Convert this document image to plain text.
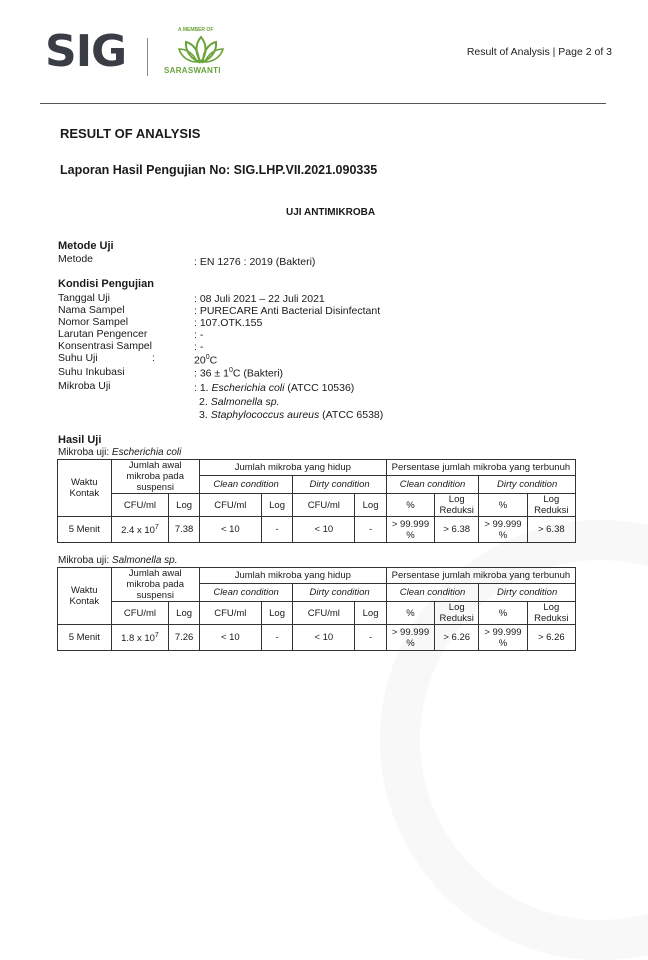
SIG	A MEMBER OF
SARASWANTI
Result of Analysis | Page 2 of 3
RESULT OF ANALYSIS
Laporan Hasil Pengujian No: SIG.LHP.VII.2021.090335
UJI ANTIMIKROBA
Metode Uji
Metode	: EN 1276 : 2019 (Bakteri)
Kondisi Pengujian
Tanggal Uji	: 08 Juli 2021 – 22 Juli 2021
Nama Sampel	: PURECARE Anti Bacterial Disinfectant
Nomor Sampel	: 107.OTK.155
Larutan Pengencer	: -
Konsentrasi Sampel	: -
Suhu Uji	:	$20^0C$
Suhu Inkubasi	: $36 \pm 1^0C$ (Bakteri)
Mikroba Uji	: 1. Escherichia coli (ATCC 10536)
2. Salmonella sp.
3. Staphylococcus aureus (ATCC 6538)
Hasil Uji
Mikroba uji: Escherichia coli
Waktu Kontak	Jumlah awal mikroba pada suspensi		Jumlah mikroba yang hidup				Persentase jumlah mikroba yang terbunuh			
			Clean condition		Dirty condition		Clean condition		Dirty condition	
	CFU/ml	Log	CFU/ml	Log	CFU/ml	Log	%	Log Reduksi	%	Log Reduksi
5 Menit	2.4 x $10^7$	7.38	< 10	-	< 10	-	> 99.999 %	> 6.38	> 99.999 %	> 6.38
Mikroba uji: Salmonella sp.
Waktu Kontak	Jumlah awal mikroba pada suspensi		Jumlah mikroba yang hidup				Persentase jumlah mikroba yang terbunuh			
			Clean condition		Dirty condition		Clean condition		Dirty condition	
	CFU/ml	Log	CFU/ml	Log	CFU/ml	Log	%	Log Reduksi	%	Log Reduksi
5 Menit	1.8 x $10^7$	7.26	< 10	-	< 10	-	> 99.999 %	> 6.26	> 99.999 %	> 6.26
